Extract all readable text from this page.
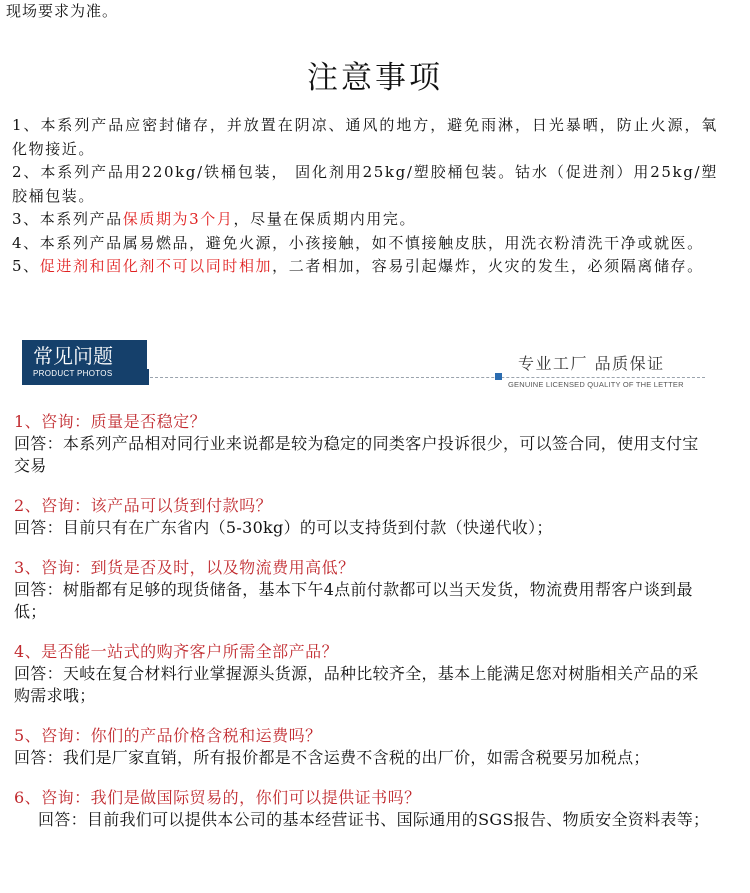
现场要求为准。
注意事项

1、本系列产品应密封储存，并放置在阴凉、通风的地方，避免雨淋，日光暴晒，防止火源，氧化物接近。

2、本系列产品用220kg/铁桶包装， 固化剂用25kg/塑胶桶包装。钴水（促进剂）用25kg/塑胶桶包装。

3、本系列产品保质期为3个月，尽量在保质期内用完。

4、本系列产品属易燃品，避免火源，小孩接触，如不慎接触皮肤，用洗衣粉清洗干净或就医。

5、促进剂和固化剂不可以同时相加，二者相加，容易引起爆炸，火灾的发生，必须隔离储存。

常见问题
PRODUCT PHOTOS
专业工厂 品质保证
GENUINE LICENSED QUALITY OF THE LETTER

1、咨询：质量是否稳定？

回答：本系列产品相对同行业来说都是较为稳定的同类客户投诉很少，可以签合同，使用支付宝交易

2、咨询：该产品可以货到付款吗？

回答：目前只有在广东省内（5-30kg）的可以支持货到付款（快递代收）；

3、咨询：到货是否及时，以及物流费用高低？

回答：树脂都有足够的现货储备，基本下午4点前付款都可以当天发货，物流费用帮客户谈到最低；

4、是否能一站式的购齐客户所需全部产品？

回答：天岐在复合材料行业掌握源头货源，品种比较齐全，基本上能满足您对树脂相关产品的采购需求哦；

5、咨询：你们的产品价格含税和运费吗？

回答：我们是厂家直销，所有报价都是不含运费不含税的出厂价，如需含税要另加税点；

6、咨询：我们是做国际贸易的，你们可以提供证书吗？

回答：目前我们可以提供本公司的基本经营证书、国际通用的SGS报告、物质安全资料表等；
